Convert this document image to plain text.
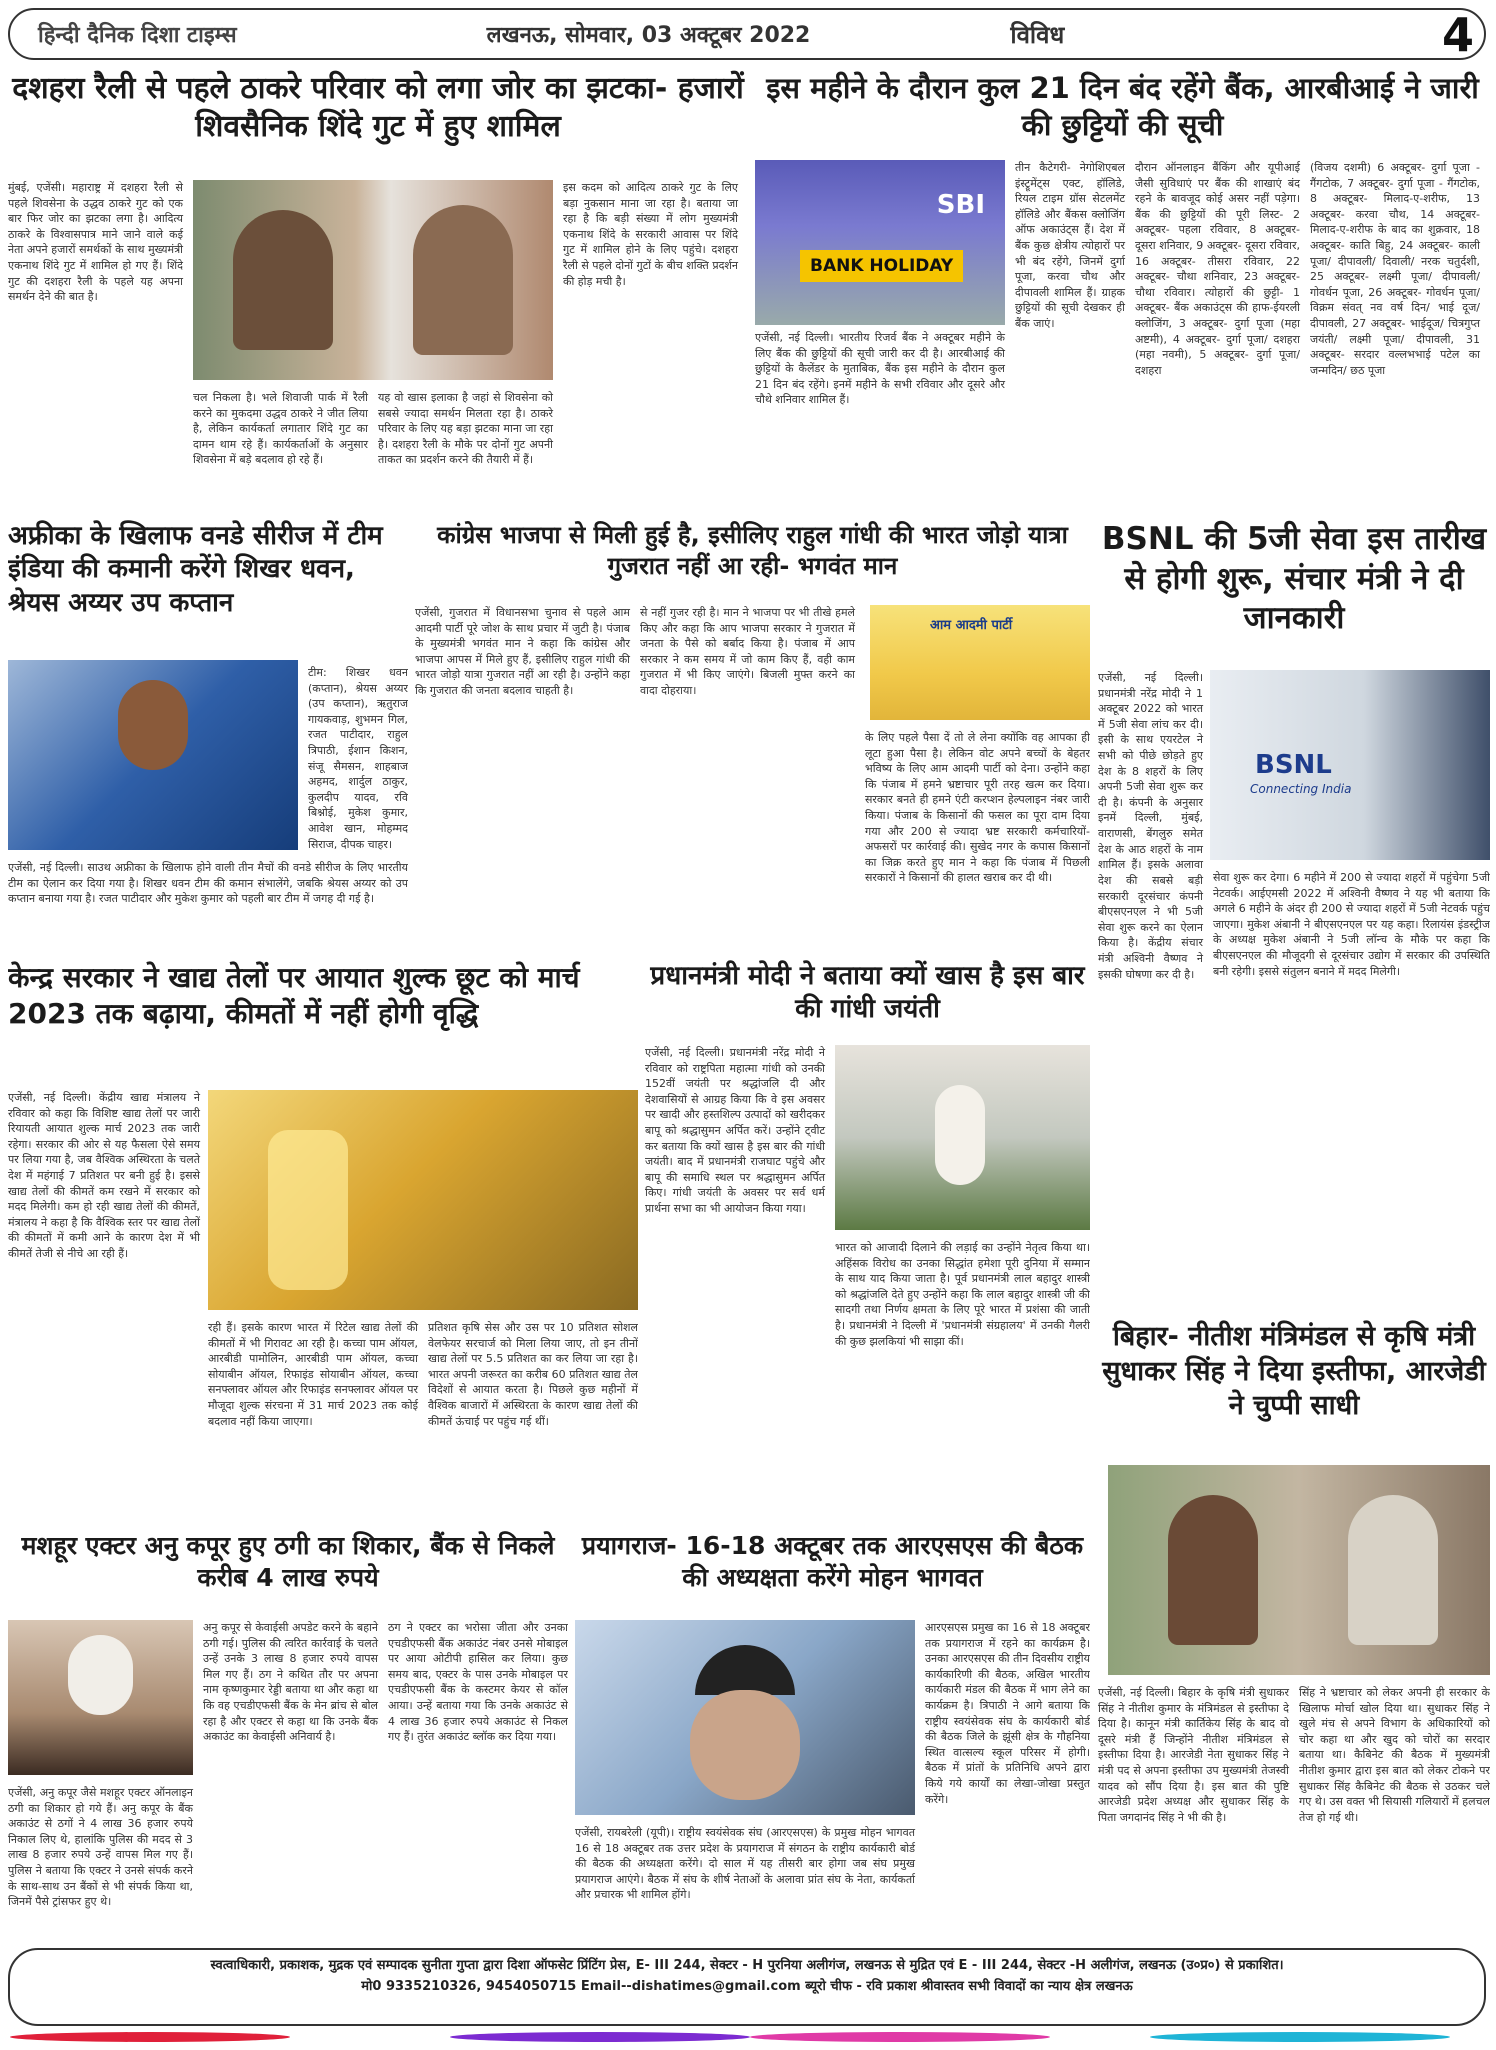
हिन्दी दैनिक दिशा टाइम्स	लखनऊ, सोमवार, 03 अक्टूबर 2022	विविध	4
दशहरा रैली से पहले ठाकरे परिवार को लगा जोर का झटका- हजारों शिवसैनिक शिंदे गुट में हुए शामिल
मुंबई, एजेंसी। महाराष्ट्र में दशहरा रैली से पहले शिवसेना के उद्धव ठाकरे गुट को एक बार फिर जोर का झटका लगा है। आदित्य ठाकरे के विश्वासपात्र माने जाने वाले कई नेता अपने हजारों समर्थकों के साथ मुख्यमंत्री एकनाथ शिंदे गुट में शामिल हो गए हैं। शिंदे गुट की दशहरा रैली के पहले यह अपना समर्थन देने की बात है।
चल निकला है। भले शिवाजी पार्क में रैली करने का मुकदमा उद्धव ठाकरे ने जीत लिया है, लेकिन कार्यकर्ता लगातार शिंदे गुट का दामन थाम रहे हैं। कार्यकर्ताओं के अनुसार शिवसेना में बड़े बदलाव हो रहे हैं।
यह वो खास इलाका है जहां से शिवसेना को सबसे ज्यादा समर्थन मिलता रहा है। ठाकरे परिवार के लिए यह बड़ा झटका माना जा रहा है। दशहरा रैली के मौके पर दोनों गुट अपनी ताकत का प्रदर्शन करने की तैयारी में हैं।
इस कदम को आदित्य ठाकरे गुट के लिए बड़ा नुकसान माना जा रहा है। बताया जा रहा है कि बड़ी संख्या में लोग मुख्यमंत्री एकनाथ शिंदे के सरकारी आवास पर शिंदे गुट में शामिल होने के लिए पहुंचे। दशहरा रैली से पहले दोनों गुटों के बीच शक्ति प्रदर्शन की होड़ मची है।
इस महीने के दौरान कुल 21 दिन बंद रहेंगे बैंक, आरबीआई ने जारी की छुट्टियों की सूची
SBI
BANK HOLIDAY
एजेंसी, नई दिल्ली। भारतीय रिजर्व बैंक ने अक्टूबर महीने के लिए बैंक की छुट्टियों की सूची जारी कर दी है। आरबीआई की छुट्टियों के कैलेंडर के मुताबिक, बैंक इस महीने के दौरान कुल 21 दिन बंद रहेंगे। इनमें महीने के सभी रविवार और दूसरे और चौथे शनिवार शामिल हैं।
तीन कैटेगरी- नेगोशिएबल इंस्ट्रूमेंट्स एक्ट, हॉलिडे, रियल टाइम ग्रॉस सेटलमेंट हॉलिडे और बैंकस क्लोजिंग ऑफ अकाउंट्स हैं। देश में बैंक कुछ क्षेत्रीय त्योहारों पर भी बंद रहेंगे, जिनमें दुर्गा पूजा, करवा चौथ और दीपावली शामिल हैं। ग्राहक छुट्टियों की सूची देखकर ही बैंक जाएं।
दौरान ऑनलाइन बैंकिंग और यूपीआई जैसी सुविधाएं पर बैंक की शाखाएं बंद रहने के बावजूद कोई असर नहीं पड़ेगा। बैंक की छुट्टियों की पूरी लिस्ट- 2 अक्टूबर- पहला रविवार, 8 अक्टूबर- दूसरा शनिवार, 9 अक्टूबर- दूसरा रविवार, 16 अक्टूबर- तीसरा रविवार, 22 अक्टूबर- चौथा शनिवार, 23 अक्टूबर- चौथा रविवार। त्योहारों की छुट्टी- 1 अक्टूबर- बैंक अकाउंट्स की हाफ-ईयरली क्लोजिंग, 3 अक्टूबर- दुर्गा पूजा (महा अष्टमी), 4 अक्टूबर- दुर्गा पूजा/ दशहरा (महा नवमी), 5 अक्टूबर- दुर्गा पूजा/ दशहरा
(विजय दशमी) 6 अक्टूबर- दुर्गा पूजा - गैंगटोक, 7 अक्टूबर- दुर्गा पूजा - गैंगटोक, 8 अक्टूबर- मिलाद-ए-शरीफ, 13 अक्टूबर- करवा चौथ, 14 अक्टूबर- मिलाद-ए-शरीफ के बाद का शुक्रवार, 18 अक्टूबर- काति बिहु, 24 अक्टूबर- काली पूजा/ दीपावली/ दिवाली/ नरक चतुर्दशी, 25 अक्टूबर- लक्ष्मी पूजा/ दीपावली/ गोवर्धन पूजा, 26 अक्टूबर- गोवर्धन पूजा/ विक्रम संवत् नव वर्ष दिन/ भाई दूज/ दीपावली, 27 अक्टूबर- भाईदूज/ चित्रगुप्त जयंती/ लक्ष्मी पूजा/ दीपावली, 31 अक्टूबर- सरदार वल्लभभाई पटेल का जन्मदिन/ छठ पूजा
अफ्रीका के खिलाफ वनडे सीरीज में टीम इंडिया की कमानी करेंगे शिखर धवन, श्रेयस अय्यर उप कप्तान
टीम: शिखर धवन (कप्तान), श्रेयस अय्यर (उप कप्तान), ऋतुराज गायकवाड़, शुभमन गिल, रजत पाटीदार, राहुल त्रिपाठी, ईशान किशन, संजू सैमसन, शाहबाज अहमद, शार्दुल ठाकुर, कुलदीप यादव, रवि बिश्नोई, मुकेश कुमार, आवेश खान, मोहम्मद सिराज, दीपक चाहर।
एजेंसी, नई दिल्ली। साउथ अफ्रीका के खिलाफ होने वाली तीन मैचों की वनडे सीरीज के लिए भारतीय टीम का ऐलान कर दिया गया है। शिखर धवन टीम की कमान संभालेंगे, जबकि श्रेयस अय्यर को उप कप्तान बनाया गया है। रजत पाटीदार और मुकेश कुमार को पहली बार टीम में जगह दी गई है।
कांग्रेस भाजपा से मिली हुई है, इसीलिए राहुल गांधी की भारत जोड़ो यात्रा गुजरात नहीं आ रही- भगवंत मान
आम आदमी पार्टी
एजेंसी, गुजरात में विधानसभा चुनाव से पहले आम आदमी पार्टी पूरे जोश के साथ प्रचार में जुटी है। पंजाब के मुख्यमंत्री भगवंत मान ने कहा कि कांग्रेस और भाजपा आपस में मिले हुए हैं, इसीलिए राहुल गांधी की भारत जोड़ो यात्रा गुजरात नहीं आ रही है। उन्होंने कहा कि गुजरात की जनता बदलाव चाहती है।
से नहीं गुजर रही है। मान ने भाजपा पर भी तीखे हमले किए और कहा कि आप भाजपा सरकार ने गुजरात में जनता के पैसे को बर्बाद किया है। पंजाब में आप सरकार ने कम समय में जो काम किए हैं, वही काम गुजरात में भी किए जाएंगे। बिजली मुफ्त करने का वादा दोहराया।
के लिए पहले पैसा दें तो ले लेना क्योंकि वह आपका ही लूटा हुआ पैसा है। लेकिन वोट अपने बच्चों के बेहतर भविष्य के लिए आम आदमी पार्टी को देना। उन्होंने कहा कि पंजाब में हमने भ्रष्टाचार पूरी तरह खत्म कर दिया। सरकार बनते ही हमने एंटी करप्शन हेल्पलाइन नंबर जारी किया। पंजाब के किसानों की फसल का पूरा दाम दिया गया और 200 से ज्यादा भ्रष्ट सरकारी कर्मचारियों-अफसरों पर कार्रवाई की। सुखेद नगर के कपास किसानों का जिक्र करते हुए मान ने कहा कि पंजाब में पिछली सरकारों ने किसानों की हालत खराब कर दी थी।
BSNL की 5जी सेवा इस तारीख से होगी शुरू, संचार मंत्री ने दी जानकारी
BSNL
Connecting India
एजेंसी, नई दिल्ली। प्रधानमंत्री नरेंद्र मोदी ने 1 अक्टूबर 2022 को भारत में 5जी सेवा लांच कर दी। इसी के साथ एयरटेल ने सभी को पीछे छोड़ते हुए देश के 8 शहरों के लिए अपनी 5जी सेवा शुरू कर दी है। कंपनी के अनुसार इनमें दिल्ली, मुंबई, वाराणसी, बेंगलुरु समेत देश के आठ शहरों के नाम शामिल हैं। इसके अलावा देश की सबसे बड़ी सरकारी दूरसंचार कंपनी बीएसएनएल ने भी 5जी सेवा शुरू करने का ऐलान किया है। केंद्रीय संचार मंत्री अश्विनी वैष्णव ने इसकी घोषणा कर दी है।
सेवा शुरू कर देगा। 6 महीने में 200 से ज्यादा शहरों में पहुंचेगा 5जी नेटवर्क। आईएमसी 2022 में अश्विनी वैष्णव ने यह भी बताया कि अगले 6 महीने के अंदर ही 200 से ज्यादा शहरों में 5जी नेटवर्क पहुंच जाएगा। मुकेश अंबानी ने बीएसएनएल पर यह कहा। रिलायंस इंडस्ट्रीज के अध्यक्ष मुकेश अंबानी ने 5जी लॉन्च के मौके पर कहा कि बीएसएनएल की मौजूदगी से दूरसंचार उद्योग में सरकार की उपस्थिति बनी रहेगी। इससे संतुलन बनाने में मदद मिलेगी।
केन्द्र सरकार ने खाद्य तेलों पर आयात शुल्क छूट को मार्च 2023 तक बढ़ाया, कीमतों में नहीं होगी वृद्धि
एजेंसी, नई दिल्ली। केंद्रीय खाद्य मंत्रालय ने रविवार को कहा कि विशिष्ट खाद्य तेलों पर जारी रियायती आयात शुल्क मार्च 2023 तक जारी रहेगा। सरकार की ओर से यह फैसला ऐसे समय पर लिया गया है, जब वैश्विक अस्थिरता के चलते देश में महंगाई 7 प्रतिशत पर बनी हुई है। इससे खाद्य तेलों की कीमतें कम रखने में सरकार को मदद मिलेगी। कम हो रही खाद्य तेलों की कीमतें, मंत्रालय ने कहा है कि वैश्विक स्तर पर खाद्य तेलों की कीमतों में कमी आने के कारण देश में भी कीमतें तेजी से नीचे आ रही हैं।
रही हैं। इसके कारण भारत में रिटेल खाद्य तेलों की कीमतों में भी गिरावट आ रही है। कच्चा पाम ऑयल, आरबीडी पामोलिन, आरबीडी पाम ऑयल, कच्चा सोयाबीन ऑयल, रिफाइंड सोयाबीन ऑयल, कच्चा सनफ्लावर ऑयल और रिफाइंड सनफ्लावर ऑयल पर मौजूदा शुल्क संरचना में 31 मार्च 2023 तक कोई बदलाव नहीं किया जाएगा।
प्रतिशत कृषि सेस और उस पर 10 प्रतिशत सोशल वेलफेयर सरचार्ज को मिला लिया जाए, तो इन तीनों खाद्य तेलों पर 5.5 प्रतिशत का कर लिया जा रहा है। भारत अपनी जरूरत का करीब 60 प्रतिशत खाद्य तेल विदेशों से आयात करता है। पिछले कुछ महीनों में वैश्विक बाजारों में अस्थिरता के कारण खाद्य तेलों की कीमतें ऊंचाई पर पहुंच गई थीं।
प्रधानमंत्री मोदी ने बताया क्यों खास है इस बार की गांधी जयंती
एजेंसी, नई दिल्ली। प्रधानमंत्री नरेंद्र मोदी ने रविवार को राष्ट्रपिता महात्मा गांधी को उनकी 152वीं जयंती पर श्रद्धांजलि दी और देशवासियों से आग्रह किया कि वे इस अवसर पर खादी और हस्तशिल्प उत्पादों को खरीदकर बापू को श्रद्धासुमन अर्पित करें। उन्होंने ट्वीट कर बताया कि क्यों खास है इस बार की गांधी जयंती। बाद में प्रधानमंत्री राजघाट पहुंचे और बापू की समाधि स्थल पर श्रद्धासुमन अर्पित किए। गांधी जयंती के अवसर पर सर्व धर्म प्रार्थना सभा का भी आयोजन किया गया।
भारत को आजादी दिलाने की लड़ाई का उन्होंने नेतृत्व किया था। अहिंसक विरोध का उनका सिद्धांत हमेशा पूरी दुनिया में सम्मान के साथ याद किया जाता है। पूर्व प्रधानमंत्री लाल बहादुर शास्त्री को श्रद्धांजलि देते हुए उन्होंने कहा कि लाल बहादुर शास्त्री जी की सादगी तथा निर्णय क्षमता के लिए पूरे भारत में प्रशंसा की जाती है। प्रधानमंत्री ने दिल्ली में 'प्रधानमंत्री संग्रहालय' में उनकी गैलरी की कुछ झलकियां भी साझा कीं।	बिहार- नीतीश मंत्रिमंडल से कृषि मंत्री सुधाकर सिंह ने दिया इस्तीफा, आरजेडी ने चुप्पी साधी
एजेंसी, नई दिल्ली। बिहार के कृषि मंत्री सुधाकर सिंह ने नीतीश कुमार के मंत्रिमंडल से इस्तीफा दे दिया है। कानून मंत्री कार्तिकेय सिंह के बाद वो दूसरे मंत्री हैं जिन्होंने नीतीश मंत्रिमंडल से इस्तीफा दिया है। आरजेडी नेता सुधाकर सिंह ने मंत्री पद से अपना इस्तीफा उप मुख्यमंत्री तेजस्वी यादव को सौंप दिया है। इस बात की पुष्टि आरजेडी प्रदेश अध्यक्ष और सुधाकर सिंह के पिता जगदानंद सिंह ने भी की है।
सिंह ने भ्रष्टाचार को लेकर अपनी ही सरकार के खिलाफ मोर्चा खोल दिया था। सुधाकर सिंह ने खुले मंच से अपने विभाग के अधिकारियों को चोर कहा था और खुद को चोरों का सरदार बताया था। कैबिनेट की बैठक में मुख्यमंत्री नीतीश कुमार द्वारा इस बात को लेकर टोकने पर सुधाकर सिंह कैबिनेट की बैठक से उठकर चले गए थे। उस वक्त भी सियासी गलियारों में हलचल तेज हो गई थी।
मशहूर एक्टर अनु कपूर हुए ठगी का शिकार, बैंक से निकले करीब 4 लाख रुपये
एजेंसी, अनु कपूर जैसे मशहूर एक्टर ऑनलाइन ठगी का शिकार हो गये हैं। अनु कपूर के बैंक अकाउंट से ठगों ने 4 लाख 36 हजार रुपये निकाल लिए थे, हालांकि पुलिस की मदद से 3 लाख 8 हजार रुपये उन्हें वापस मिल गए हैं। पुलिस ने बताया कि एक्टर ने उनसे संपर्क करने के साथ-साथ उन बैंकों से भी संपर्क किया था, जिनमें पैसे ट्रांसफर हुए थे।
अनु कपूर से केवाईसी अपडेट करने के बहाने ठगी गई। पुलिस की त्वरित कार्रवाई के चलते उन्हें उनके 3 लाख 8 हजार रुपये वापस मिल गए हैं। ठग ने कथित तौर पर अपना नाम कृष्णकुमार रेड्डी बताया था और कहा था कि वह एचडीएफसी बैंक के मेन ब्रांच से बोल रहा है और एक्टर से कहा था कि उनके बैंक अकाउंट का केवाईसी अनिवार्य है।
ठग ने एक्टर का भरोसा जीता और उनका एचडीएफसी बैंक अकाउंट नंबर उनसे मोबाइल पर आया ओटीपी हासिल कर लिया। कुछ समय बाद, एक्टर के पास उनके मोबाइल पर एचडीएफसी बैंक के कस्टमर केयर से कॉल आया। उन्हें बताया गया कि उनके अकाउंट से 4 लाख 36 हजार रुपये अकाउंट से निकल गए हैं। तुरंत अकाउंट ब्लॉक कर दिया गया।
प्रयागराज- 16-18 अक्टूबर तक आरएसएस की बैठक की अध्यक्षता करेंगे मोहन भागवत
एजेंसी, रायबरेली (यूपी)। राष्ट्रीय स्वयंसेवक संघ (आरएसएस) के प्रमुख मोहन भागवत 16 से 18 अक्टूबर तक उत्तर प्रदेश के प्रयागराज में संगठन के राष्ट्रीय कार्यकारी बोर्ड की बैठक की अध्यक्षता करेंगे। दो साल में यह तीसरी बार होगा जब संघ प्रमुख प्रयागराज आएंगे। बैठक में संघ के शीर्ष नेताओं के अलावा प्रांत संघ के नेता, कार्यकर्ता और प्रचारक भी शामिल होंगे।
आरएसएस प्रमुख का 16 से 18 अक्टूबर तक प्रयागराज में रहने का कार्यक्रम है। उनका आरएसएस की तीन दिवसीय राष्ट्रीय कार्यकारिणी की बैठक, अखिल भारतीय कार्यकारी मंडल की बैठक में भाग लेने का कार्यक्रम है। त्रिपाठी ने आगे बताया कि राष्ट्रीय स्वयंसेवक संघ के कार्यकारी बोर्ड की बैठक जिले के झूंसी क्षेत्र के गौहनिया स्थित वात्सल्य स्कूल परिसर में होगी। बैठक में प्रांतों के प्रतिनिधि अपने द्वारा किये गये कार्यों का लेखा-जोखा प्रस्तुत करेंगे।
स्वत्वाधिकारी, प्रकाशक, मुद्रक एवं सम्पादक सुनीता गुप्ता द्वारा दिशा ऑफसेट प्रिंटिंग प्रेस, E- III 244, सेक्टर - H पुरनिया अलीगंज, लखनऊ से मुद्रित एवं E - III 244, सेक्टर -H अलीगंज, लखनऊ (उ०प्र०) से प्रकाशित।
मो0 9335210326, 9454050715 Email--dishatimes@gmail.com ब्यूरो चीफ - रवि प्रकाश श्रीवास्तव सभी विवादों का न्याय क्षेत्र लखनऊ
